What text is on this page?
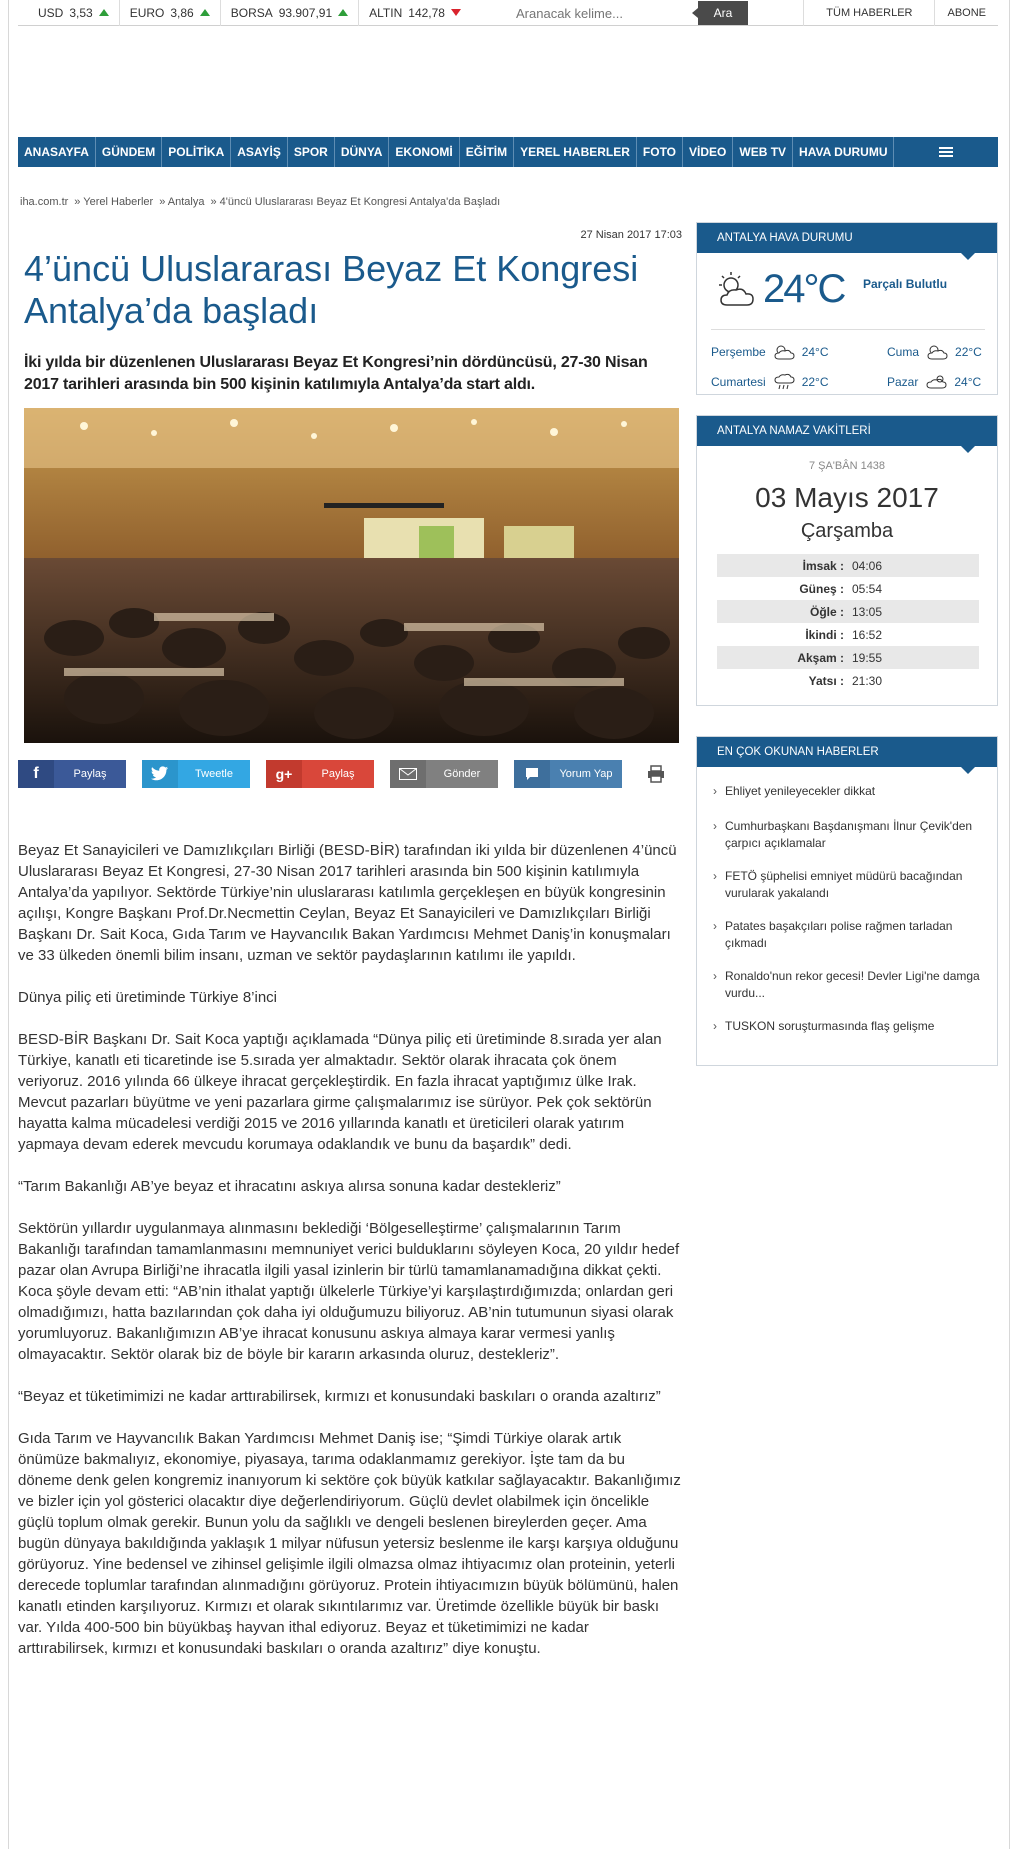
USD 3,53	EURO 3,86	BORSA 93.907,91	ALTIN 142,78
Aranacak kelime...	Ara	TÜM HABERLER	ABONE
ANASAYFA	GÜNDEM	POLİTİKA	ASAYİŞ	SPOR	DÜNYA	EKONOMİ	EĞİTİM	YEREL HABERLER	FOTO	VİDEO	WEB TV	HAVA DURUMU
iha.com.tr » Yerel Haberler » Antalya » 4'üncü Uluslararası Beyaz Et Kongresi Antalya'da Başladı
27 Nisan 2017 17:03
4’üncü Uluslararası Beyaz Et Kongresi Antalya’da başladı
İki yılda bir düzenlenen Uluslararası Beyaz Et Kongresi’nin dördüncüsü, 27-30 Nisan 2017 tarihleri arasında bin 500 kişinin katılımıyla Antalya’da start aldı.
f	Paylaş	Tweetle	g+	Paylaş	Gönder	Yorum Yap

Beyaz Et Sanayicileri ve Damızlıkçıları Birliği (BESD-BİR) tarafından iki yılda bir düzenlenen 4’üncü Uluslararası Beyaz Et Kongresi, 27-30 Nisan 2017 tarihleri arasında bin 500 kişinin katılımıyla Antalya’da yapılıyor. Sektörde Türkiye’nin uluslararası katılımla gerçekleşen en büyük kongresinin açılışı, Kongre Başkanı Prof.Dr.Necmettin Ceylan, Beyaz Et Sanayicileri ve Damızlıkçıları Birliği Başkanı Dr. Sait Koca, Gıda Tarım ve Hayvancılık Bakan Yardımcısı Mehmet Daniş’in konuşmaları ve 33 ülkeden önemli bilim insanı, uzman ve sektör paydaşlarının katılımı ile yapıldı.

Dünya piliç eti üretiminde Türkiye 8’inci

BESD-BİR Başkanı Dr. Sait Koca yaptığı açıklamada “Dünya piliç eti üretiminde 8.sırada yer alan Türkiye, kanatlı eti ticaretinde ise 5.sırada yer almaktadır. Sektör olarak ihracata çok önem veriyoruz. 2016 yılında 66 ülkeye ihracat gerçekleştirdik. En fazla ihracat yaptığımız ülke Irak. Mevcut pazarları büyütme ve yeni pazarlara girme çalışmalarımız ise sürüyor. Pek çok sektörün hayatta kalma mücadelesi verdiği 2015 ve 2016 yıllarında kanatlı et üreticileri olarak yatırım yapmaya devam ederek mevcudu korumaya odaklandık ve bunu da başardık” dedi.

“Tarım Bakanlığı AB’ye beyaz et ihracatını askıya alırsa sonuna kadar destekleriz”

Sektörün yıllardır uygulanmaya alınmasını beklediği ‘Bölgeselleştirme’ çalışmalarının Tarım Bakanlığı tarafından tamamlanmasını memnuniyet verici bulduklarını söyleyen Koca, 20 yıldır hedef pazar olan Avrupa Birliği’ne ihracatla ilgili yasal izinlerin bir türlü tamamlanamadığına dikkat çekti. Koca şöyle devam etti: “AB’nin ithalat yaptığı ülkelerle Türkiye’yi karşılaştırdığımızda; onlardan geri olmadığımızı, hatta bazılarından çok daha iyi olduğumuzu biliyoruz. AB’nin tutumunun siyasi olarak yorumluyoruz. Bakanlığımızın AB’ye ihracat konusunu askıya almaya karar vermesi yanlış olmayacaktır. Sektör olarak biz de böyle bir kararın arkasında oluruz, destekleriz”.

“Beyaz et tüketimimizi ne kadar arttırabilirsek, kırmızı et konusundaki baskıları o oranda azaltırız”

Gıda Tarım ve Hayvancılık Bakan Yardımcısı Mehmet Daniş ise; “Şimdi Türkiye olarak artık önümüze bakmalıyız, ekonomiye, piyasaya, tarıma odaklanmamız gerekiyor. İşte tam da bu döneme denk gelen kongremiz inanıyorum ki sektöre çok büyük katkılar sağlayacaktır. Bakanlığımız ve bizler için yol gösterici olacaktır diye değerlendiriyorum. Güçlü devlet olabilmek için öncelikle güçlü toplum olmak gerekir. Bunun yolu da sağlıklı ve dengeli beslenen bireylerden geçer. Ama bugün dünyaya bakıldığında yaklaşık 1 milyar nüfusun yetersiz beslenme ile karşı karşıya olduğunu görüyoruz. Yine bedensel ve zihinsel gelişimle ilgili olmazsa olmaz ihtiyacımız olan proteinin, yeterli derecede toplumlar tarafından alınmadığını görüyoruz. Protein ihtiyacımızın büyük bölümünü, halen kanatlı etinden karşılıyoruz. Kırmızı et olarak sıkıntılarımız var. Üretimde özellikle büyük bir baskı var. Yılda 400-500 bin büyükbaş hayvan ithal ediyoruz. Beyaz et tüketimimizi ne kadar arttırabilirsek, kırmızı et konusundaki baskıları o oranda azaltırız” diye konuştu.

ANTALYA HAVA DURUMU
24°C Parçalı Bulutlu
Perşembe	24°C	Cuma	22°C
Cumartesi	22°C	Pazar	24°C
ANTALYA NAMAZ VAKİTLERİ
7 ŞA'BÂN 1438
03 Mayıs 2017
Çarşamba
İmsak : 04:06
Güneş : 05:54
Öğle : 13:05
İkindi : 16:52
Akşam : 19:55
Yatsı : 21:30
EN ÇOK OKUNAN HABERLER
› Ehliyet yenileyecekler dikkat
› Cumhurbaşkanı Başdanışmanı İlnur Çevik'den çarpıcı açıklamalar
› FETÖ şüphelisi emniyet müdürü bacağından vurularak yakalandı
› Patates başakçıları polise rağmen tarladan çıkmadı
› Ronaldo'nun rekor gecesi! Devler Ligi'ne damga vurdu...
› TUSKON soruşturmasında flaş gelişme
